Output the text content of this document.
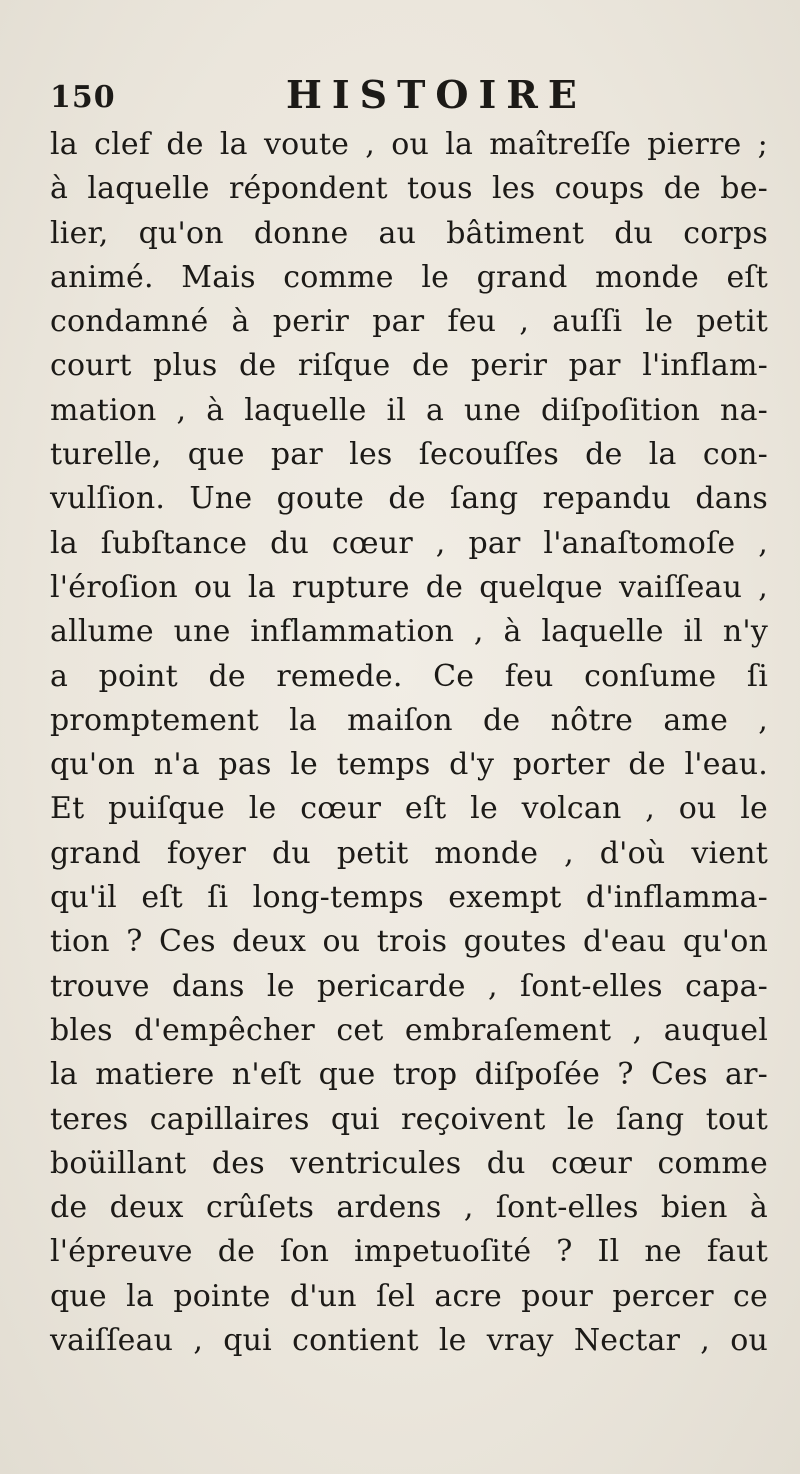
150	HISTOIRE
la clef de la voute , ou la maîtreſſe pierre ;
à laquelle répondent tous les coups de be-
lier, qu'on donne au bâtiment du corps
animé. Mais comme le grand monde eſt
condamné à perir par feu , auſſi le petit
court plus de riſque de perir par l'inflam-
mation , à laquelle il a une diſpoſition na-
turelle, que par les ſecouſſes de la con-
vulſion. Une goute de ſang repandu dans
la ſubſtance du cœur , par l'anaſtomoſe ,
l'éroſion ou la rupture de quelque vaiſſeau ,
allume une inflammation , à laquelle il n'y
a point de remede. Ce feu conſume ſi
promptement la maiſon de nôtre ame ,
qu'on n'a pas le temps d'y porter de l'eau.
Et puiſque le cœur eſt le volcan , ou le
grand foyer du petit monde , d'où vient
qu'il eſt ſi long-temps exempt d'inflamma-
tion ? Ces deux ou trois goutes d'eau qu'on
trouve dans le pericarde , ſont-elles capa-
bles d'empêcher cet embraſement , auquel
la matiere n'eſt que trop diſpoſée ? Ces ar-
teres capillaires qui reçoivent le ſang tout
boüillant des ventricules du cœur comme
de deux crûſets ardens , ſont-elles bien à
l'épreuve de ſon impetuoſité ? Il ne faut
que la pointe d'un ſel acre pour percer ce
vaiſſeau , qui contient le vray Nectar , ou
